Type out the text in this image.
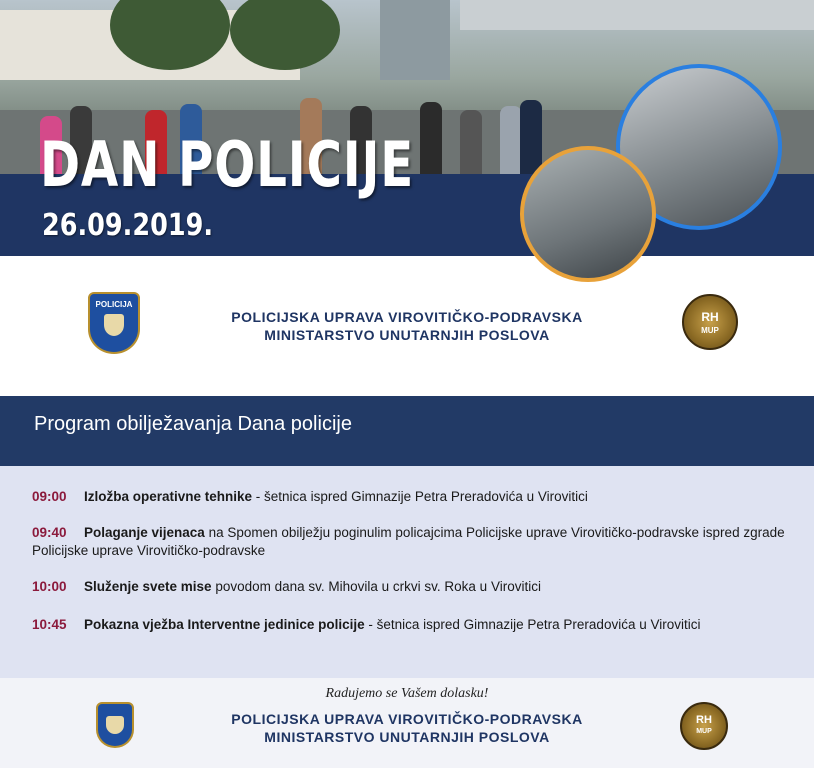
DAN POLICIJE
26.09.2019.
POLICIJA
POLICIJSKA UPRAVA VIROVITIČKO-PODRAVSKA
MINISTARSTVO UNUTARNJIH POSLOVA
RH
MUP
Program obilježavanja Dana policije
09:00 Izložba operativne tehnike - šetnica ispred Gimnazije Petra Preradovića u Virovitici
09:40 Polaganje vijenaca na Spomen obilježju poginulim policajcima Policijske uprave Virovitičko-podravske ispred zgrade Policijske uprave Virovitičko-podravske
10:00 Služenje svete mise povodom dana sv. Mihovila u crkvi sv. Roka u Virovitici
10:45 Pokazna vježba Interventne jedinice policije - šetnica ispred Gimnazije Petra Preradovića u Virovitici
Radujemo se Vašem dolasku!
POLICIJSKA UPRAVA VIROVITIČKO-PODRAVSKA
MINISTARSTVO UNUTARNJIH POSLOVA
RH
MUP
